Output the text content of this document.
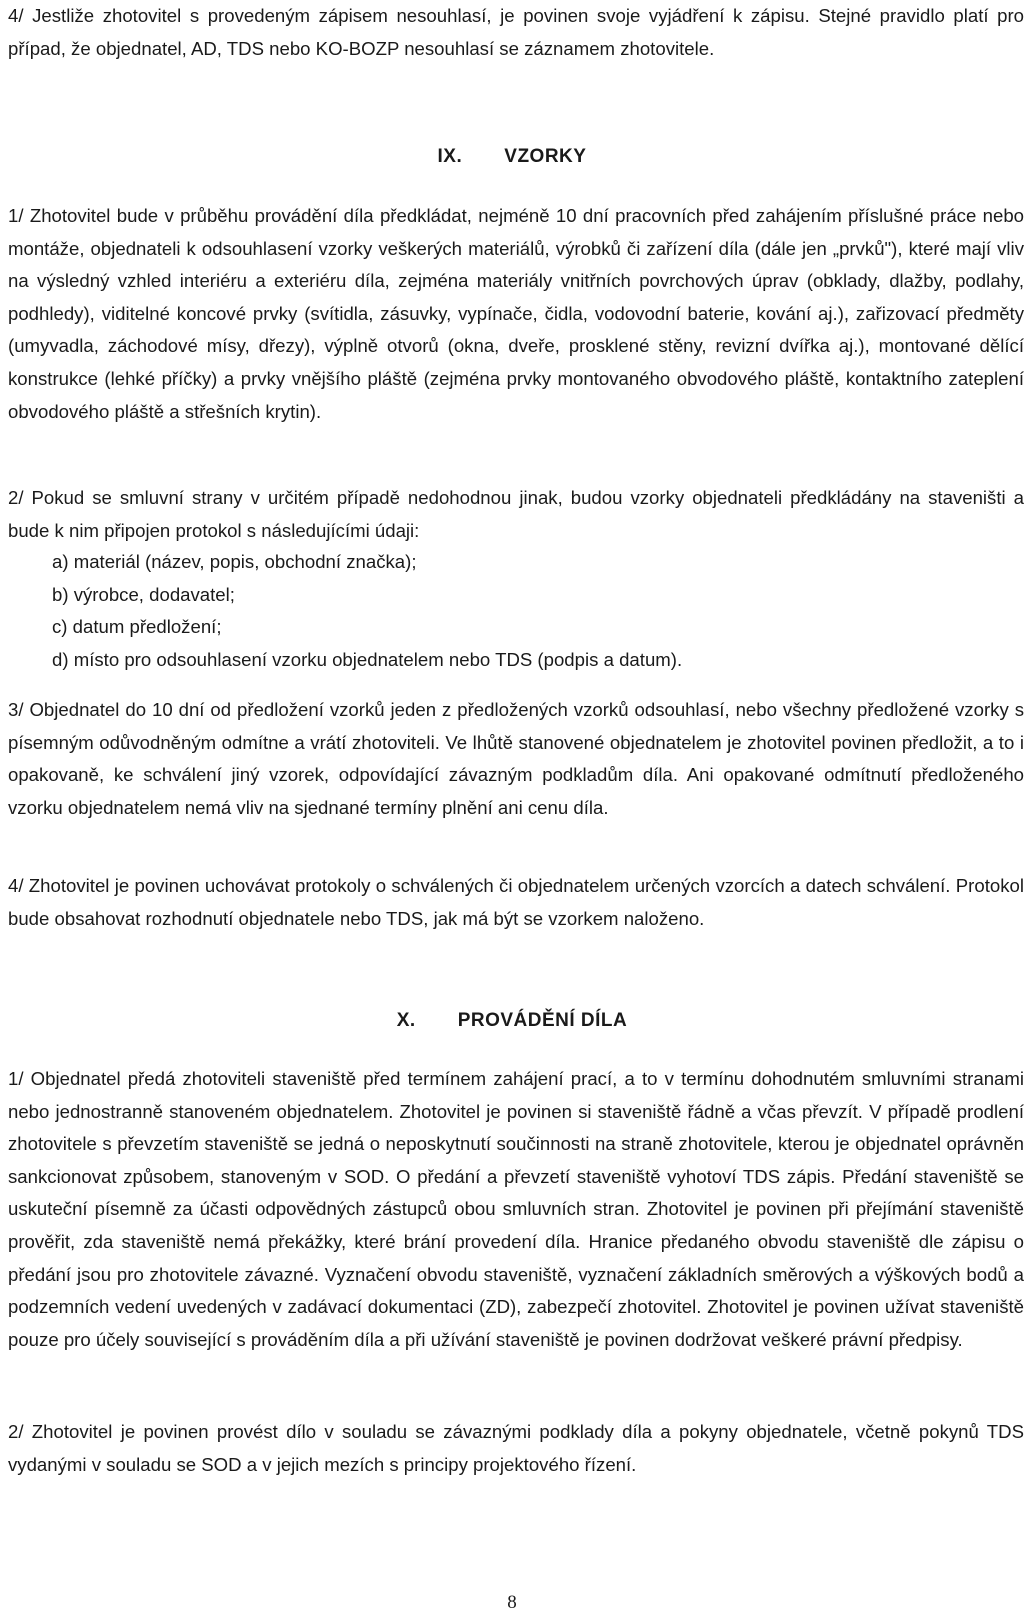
4/ Jestliže zhotovitel s provedeným zápisem nesouhlasí, je povinen svoje vyjádření k zápisu. Stejné pravidlo platí pro případ, že objednatel, AD, TDS nebo KO-BOZP nesouhlasí se záznamem zhotovitele.

IX. VZORKY

1/ Zhotovitel bude v průběhu provádění díla předkládat, nejméně 10 dní pracovních před zahájením příslušné práce nebo montáže, objednateli k odsouhlasení vzorky veškerých materiálů, výrobků či zařízení díla (dále jen „prvků"), které mají vliv na výsledný vzhled interiéru a exteriéru díla, zejména materiály vnitřních povrchových úprav (obklady, dlažby, podlahy, podhledy), viditelné koncové prvky (svítidla, zásuvky, vypínače, čidla, vodovodní baterie, kování aj.), zařizovací předměty (umyvadla, záchodové mísy, dřezy), výplně otvorů (okna, dveře, prosklené stěny, revizní dvířka aj.), montované dělící konstrukce (lehké příčky) a prvky vnějšího pláště (zejména prvky montovaného obvodového pláště, kontaktního zateplení obvodového pláště a střešních krytin).

2/ Pokud se smluvní strany v určitém případě nedohodnou jinak, budou vzorky objednateli předkládány na staveništi a bude k nim připojen protokol s následujícími údaji:

a) materiál (název, popis, obchodní značka);
b) výrobce, dodavatel;
c) datum předložení;
d) místo pro odsouhlasení vzorku objednatelem nebo TDS (podpis a datum).

3/ Objednatel do 10 dní od předložení vzorků jeden z předložených vzorků odsouhlasí, nebo všechny předložené vzorky s písemným odůvodněným odmítne a vrátí zhotoviteli. Ve lhůtě stanovené objednatelem je zhotovitel povinen předložit, a to i opakovaně, ke schválení jiný vzorek, odpovídající závazným podkladům díla. Ani opakované odmítnutí předloženého vzorku objednatelem nemá vliv na sjednané termíny plnění ani cenu díla.

4/ Zhotovitel je povinen uchovávat protokoly o schválených či objednatelem určených vzorcích a datech schválení. Protokol bude obsahovat rozhodnutí objednatele nebo TDS, jak má být se vzorkem naloženo.

X. PROVÁDĚNÍ DÍLA

1/ Objednatel předá zhotoviteli staveniště před termínem zahájení prací, a to v termínu dohodnutém smluvními stranami nebo jednostranně stanoveném objednatelem. Zhotovitel je povinen si staveniště řádně a včas převzít. V případě prodlení zhotovitele s převzetím staveniště se jedná o neposkytnutí součinnosti na straně zhotovitele, kterou je objednatel oprávněn sankcionovat způsobem, stanoveným v SOD. O předání a převzetí staveniště vyhotoví TDS zápis. Předání staveniště se uskuteční písemně za účasti odpovědných zástupců obou smluvních stran. Zhotovitel je povinen při přejímání staveniště prověřit, zda staveniště nemá překážky, které brání provedení díla. Hranice předaného obvodu staveniště dle zápisu o předání jsou pro zhotovitele závazné. Vyznačení obvodu staveniště, vyznačení základních směrových a výškových bodů a podzemních vedení uvedených v zadávací dokumentaci (ZD), zabezpečí zhotovitel. Zhotovitel je povinen užívat staveniště pouze pro účely související s prováděním díla a při užívání staveniště je povinen dodržovat veškeré právní předpisy.

2/ Zhotovitel je povinen provést dílo v souladu se závaznými podklady díla a pokyny objednatele, včetně pokynů TDS vydanými v souladu se SOD a v jejich mezích s principy projektového řízení.

8
